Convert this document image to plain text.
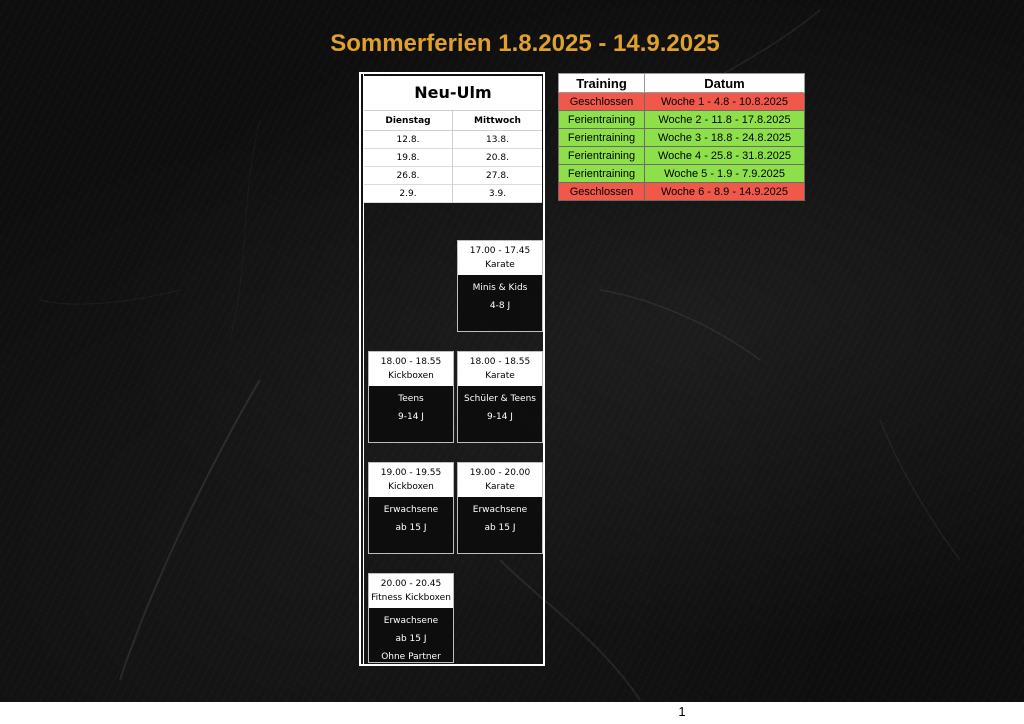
Sommerferien 1.8.2025 - 14.9.2025
Neu-Ulm
Dienstag	Mittwoch
12.8.	13.8.
19.8.	20.8.
26.8.	27.8.
2.9.	3.9.
17.00 - 17.45
Karate
Minis & Kids
4-8 J
18.00 - 18.55
Kickboxen
Teens
9-14 J
18.00 - 18.55
Karate
Schüler & Teens
9-14 J
19.00 - 19.55
Kickboxen
Erwachsene
ab 15 J
19.00 - 20.00
Karate
Erwachsene
ab 15 J
20.00 - 20.45
Fitness Kickboxen
Erwachsene
ab 15 J
Ohne Partner
Training	Datum
Geschlossen	Woche 1 - 4.8 - 10.8.2025
Ferientraining	Woche 2 - 11.8 - 17.8.2025
Ferientraining	Woche 3 - 18.8 - 24.8.2025
Ferientraining	Woche 4 - 25.8 - 31.8.2025
Ferientraining	Woche 5 - 1.9 - 7.9.2025
Geschlossen	Woche 6 - 8.9 - 14.9.2025
1
